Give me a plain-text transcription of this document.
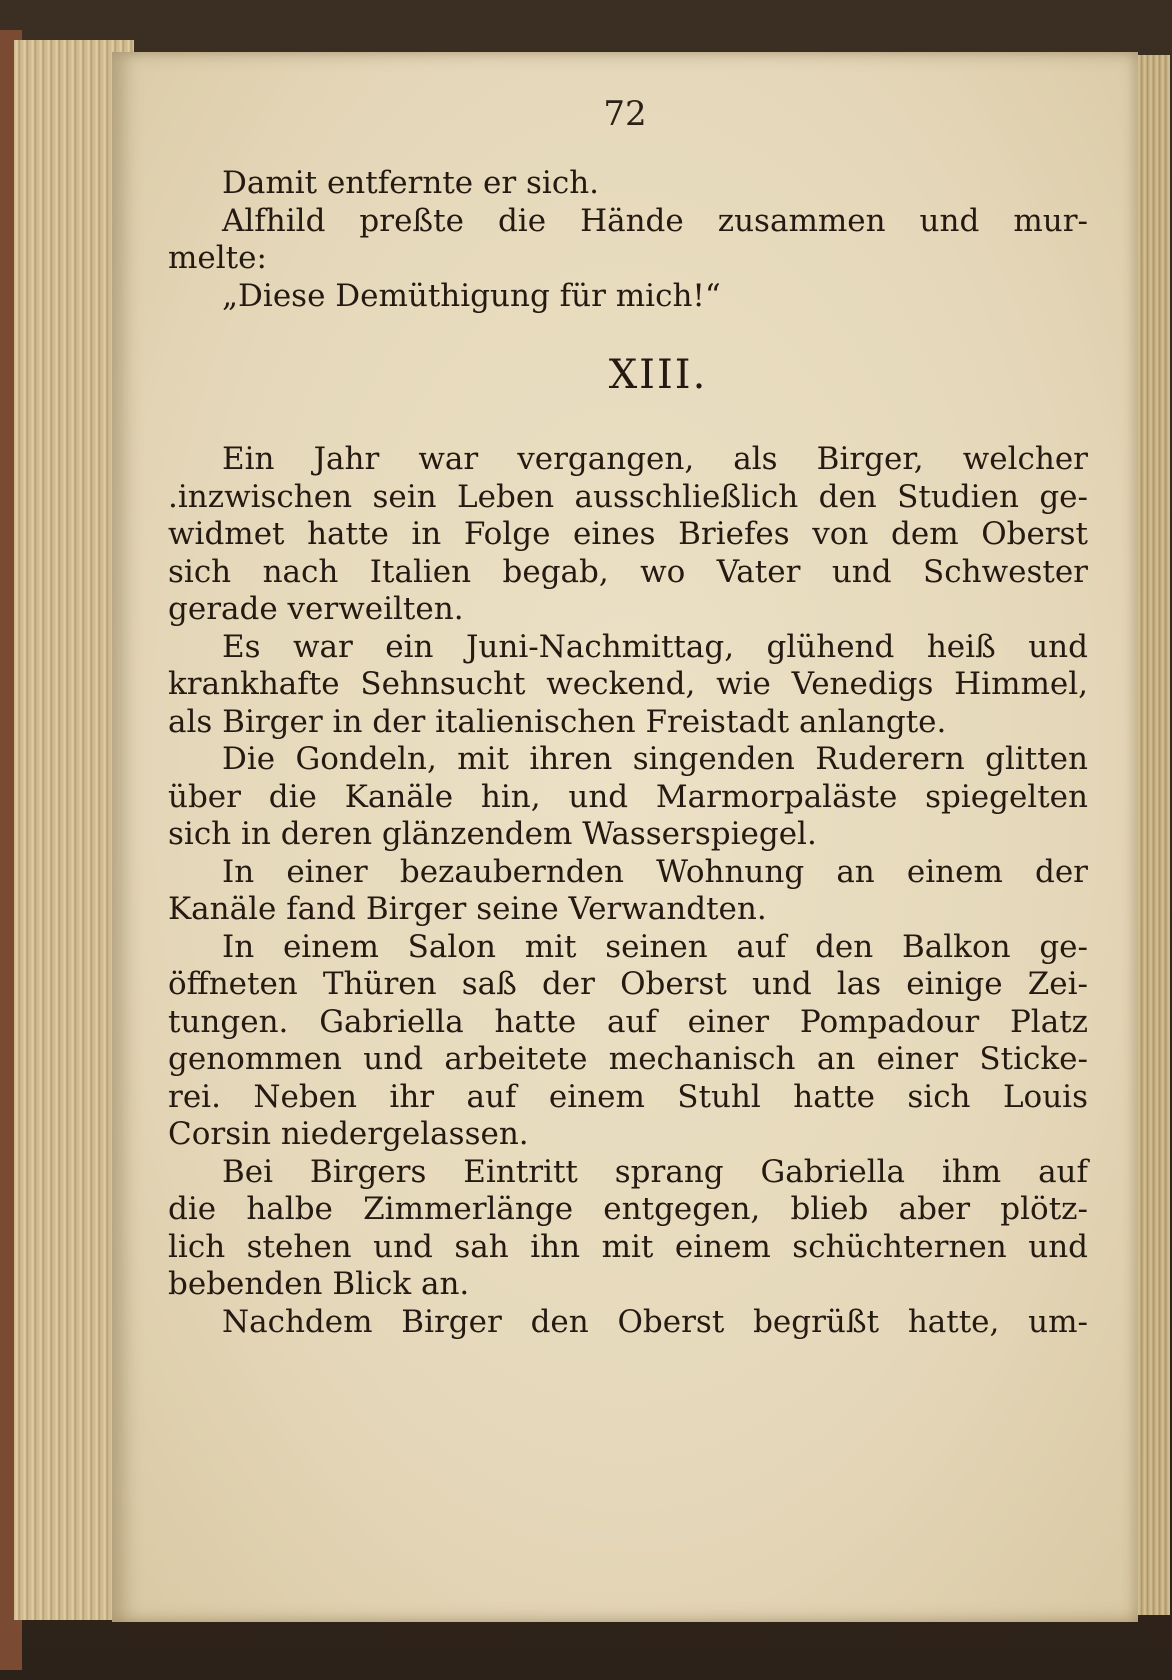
72
Damit entfernte er sich.
Alfhild preßte die Hände zusammen und mur-
melte:
„Diese Demüthigung für mich!“
XIII.
Ein Jahr war vergangen, als Birger, welcher
.inzwischen sein Leben ausschließlich den Studien ge-
widmet hatte in Folge eines Briefes von dem Oberst
sich nach Italien begab, wo Vater und Schwester
gerade verweilten.
Es war ein Juni-Nachmittag, glühend heiß und
krankhafte Sehnsucht weckend, wie Venedigs Himmel,
als Birger in der italienischen Freistadt anlangte.
Die Gondeln, mit ihren singenden Ruderern glitten
über die Kanäle hin, und Marmorpaläste spiegelten
sich in deren glänzendem Wasserspiegel.
In einer bezaubernden Wohnung an einem der
Kanäle fand Birger seine Verwandten.
In einem Salon mit seinen auf den Balkon ge-
öffneten Thüren saß der Oberst und las einige Zei-
tungen. Gabriella hatte auf einer Pompadour Platz
genommen und arbeitete mechanisch an einer Sticke-
rei. Neben ihr auf einem Stuhl hatte sich Louis
Corsin niedergelassen.
Bei Birgers Eintritt sprang Gabriella ihm auf
die halbe Zimmerlänge entgegen, blieb aber plötz-
lich stehen und sah ihn mit einem schüchternen und
bebenden Blick an.
Nachdem Birger den Oberst begrüßt hatte, um-
